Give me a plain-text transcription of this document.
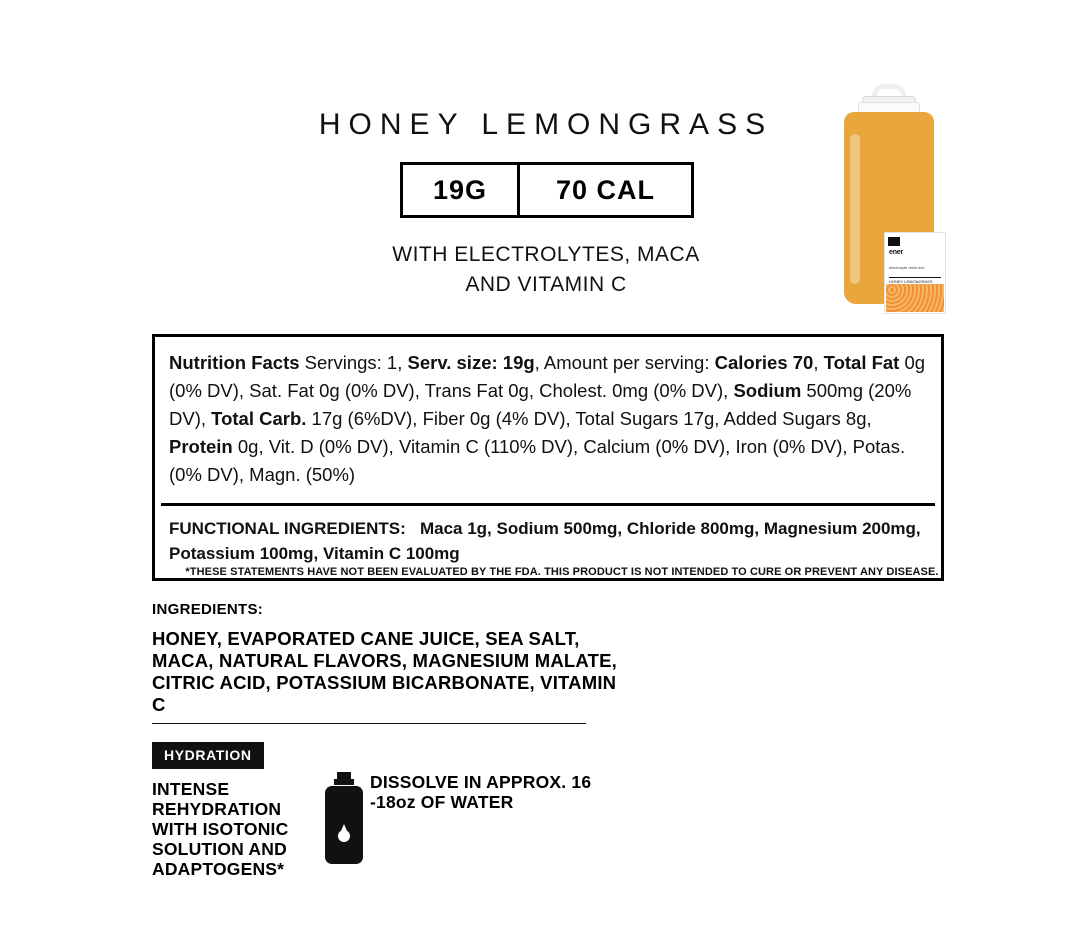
HONEY LEMONGRASS
19G	70 CAL
WITH ELECTROLYTES, MACA
AND VITAMIN C
ener
electrolyte drink mix
HONEY LEMONGRASS
Nutrition Facts Servings: 1, Serv. size: 19g, Amount per serving: Calories 70, Total Fat 0g (0% DV), Sat. Fat 0g (0% DV), Trans Fat 0g, Cholest. 0mg (0% DV), Sodium 500mg (20% DV), Total Carb. 17g (6%DV), Fiber 0g (4% DV), Total Sugars 17g, Added Sugars 8g, Protein 0g, Vit. D (0% DV), Vitamin C (110% DV), Calcium (0% DV), Iron (0% DV), Potas. (0% DV), Magn. (50%)
FUNCTIONAL INGREDIENTS: Maca 1g, Sodium 500mg, Chloride 800mg, Magnesium 200mg, Potassium 100mg, Vitamin C 100mg
*THESE STATEMENTS HAVE NOT BEEN EVALUATED BY THE FDA. THIS PRODUCT IS NOT INTENDED TO CURE OR PREVENT ANY DISEASE.
INGREDIENTS:
HONEY, EVAPORATED CANE JUICE, SEA SALT, MACA, NATURAL FLAVORS, MAGNESIUM MALATE, CITRIC ACID, POTASSIUM BICARBONATE, VITAMIN C
HYDRATION
INTENSE REHYDRATION WITH ISOTONIC SOLUTION AND ADAPTOGENS*
DISSOLVE IN APPROX. 16 -18oz OF WATER
